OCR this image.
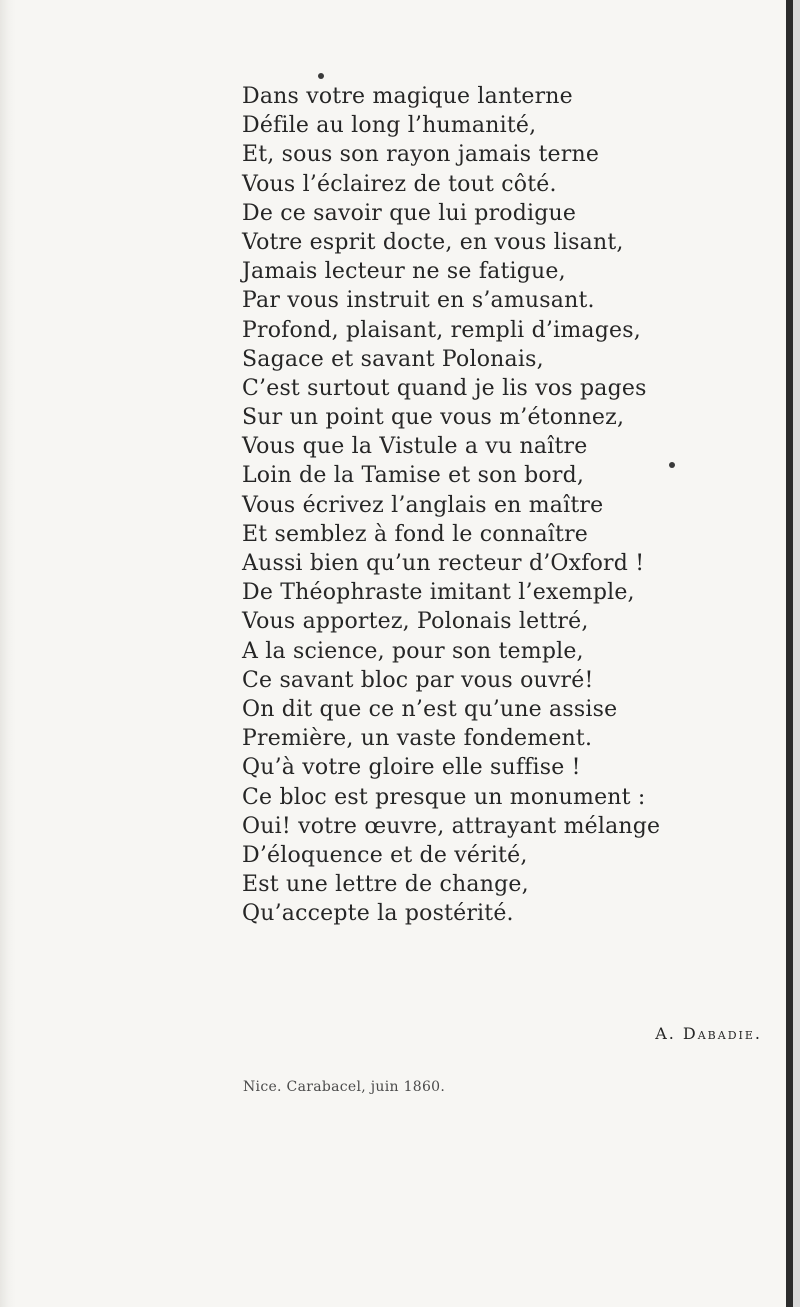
Dans votre magique lanterne
Défile au long l’humanité,
Et, sous son rayon jamais terne
Vous l’éclairez de tout côté.
De ce savoir que lui prodigue
Votre esprit docte, en vous lisant,
Jamais lecteur ne se fatigue,
Par vous instruit en s’amusant.
Profond, plaisant, rempli d’images,
Sagace et savant Polonais,
C’est surtout quand je lis vos pages
Sur un point que vous m’étonnez,
Vous que la Vistule a vu naître
Loin de la Tamise et son bord,
Vous écrivez l’anglais en maître
Et semblez à fond le connaître
Aussi bien qu’un recteur d’Oxford !
De Théophraste imitant l’exemple,
Vous apportez, Polonais lettré,
A la science, pour son temple,
Ce savant bloc par vous ouvré!
On dit que ce n’est qu’une assise
Première, un vaste fondement.
Qu’à votre gloire elle suffise !
Ce bloc est presque un monument :
Oui! votre œuvre, attrayant mélange
D’éloquence et de vérité,
Est une lettre de change,
Qu’accepte la postérité.
A. Dabadie.
Nice. Carabacel, juin 1860.
